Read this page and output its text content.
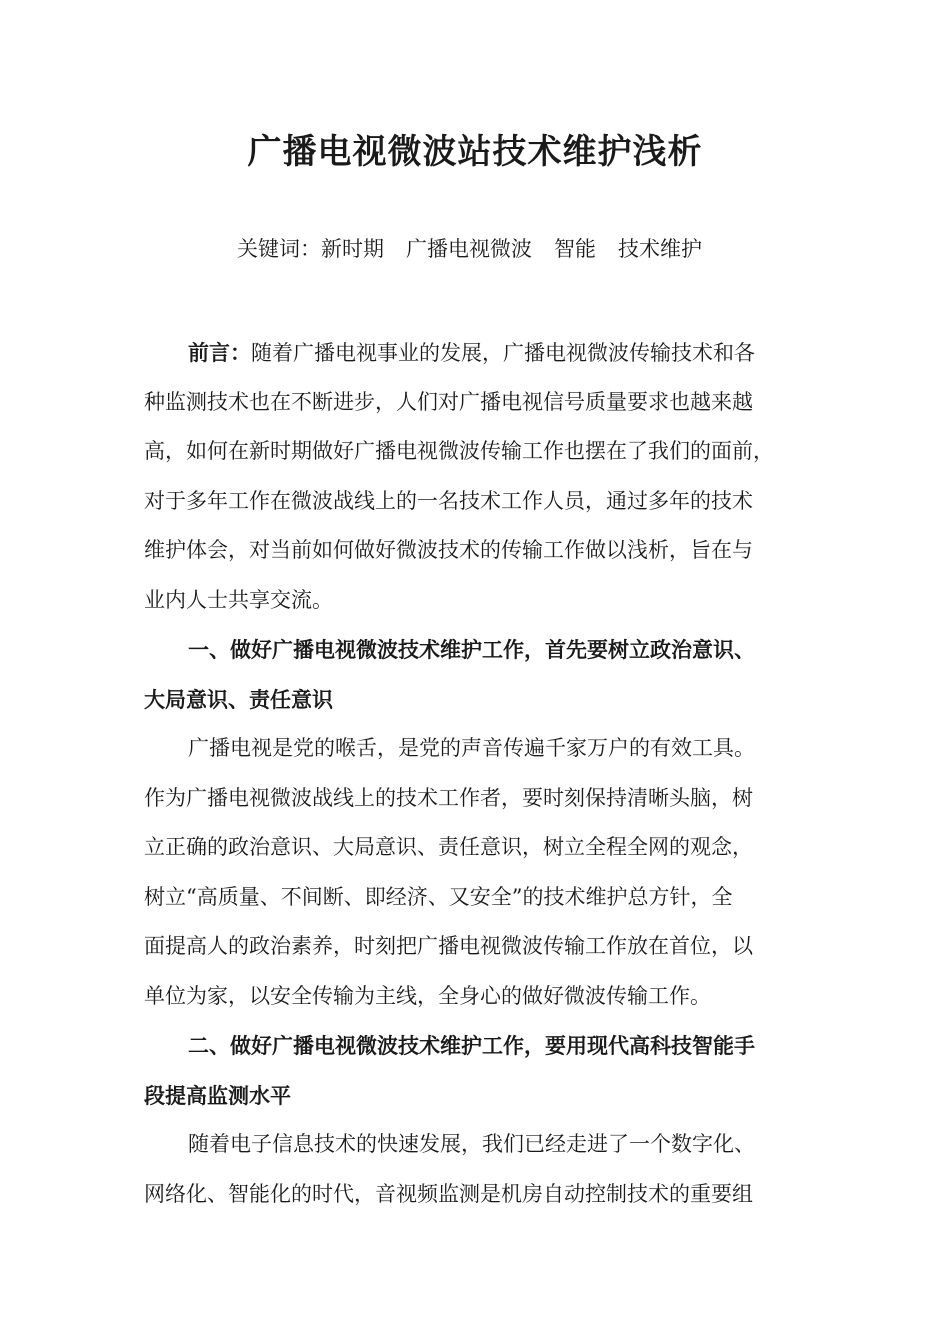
广播电视微波站技术维护浅析
关键词：新时期 广播电视微波 智能 技术维护
前言：随着广播电视事业的发展，广播电视微波传输技术和各
种监测技术也在不断进步，人们对广播电视信号质量要求也越来越
高，如何在新时期做好广播电视微波传输工作也摆在了我们的面前，
对于多年工作在微波战线上的一名技术工作人员，通过多年的技术
维护体会，对当前如何做好微波技术的传输工作做以浅析，旨在与
业内人士共享交流。
一、做好广播电视微波技术维护工作，首先要树立政治意识、
大局意识、责任意识
广播电视是党的喉舌，是党的声音传遍千家万户的有效工具。
作为广播电视微波战线上的技术工作者，要时刻保持清晰头脑，树
立正确的政治意识、大局意识、责任意识，树立全程全网的观念，
树立“高质量、不间断、即经济、又安全”的技术维护总方针，全
面提高人的政治素养，时刻把广播电视微波传输工作放在首位，以
单位为家，以安全传输为主线，全身心的做好微波传输工作。
二、做好广播电视微波技术维护工作，要用现代高科技智能手
段提高监测水平
随着电子信息技术的快速发展，我们已经走进了一个数字化、
网络化、智能化的时代，音视频监测是机房自动控制技术的重要组
